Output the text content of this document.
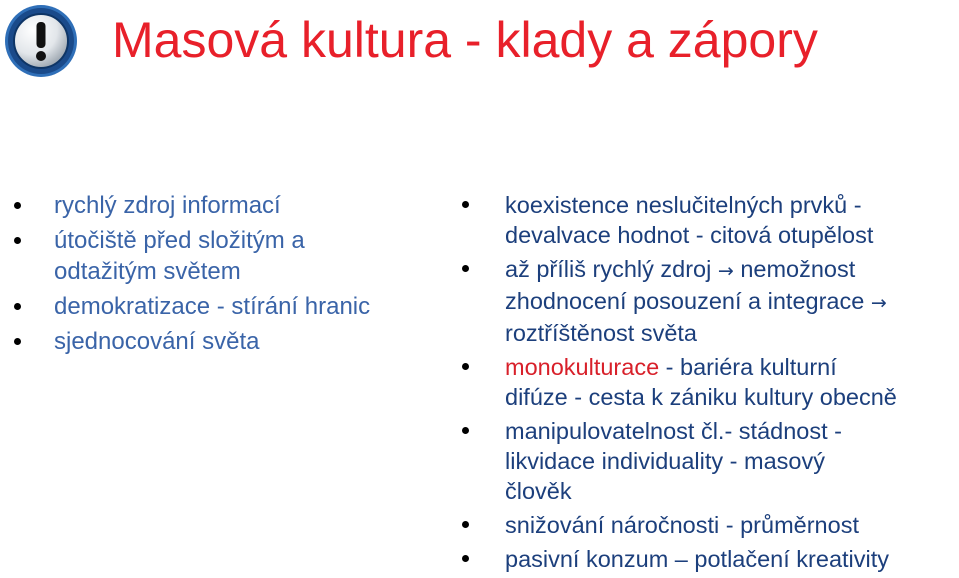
Masová kultura - klady a zápory
rychlý zdroj informací
útočiště před složitým a
odtažitým světem
demokratizace - stírání hranic
sjednocování světa
koexistence neslučitelných prvků -
devalvace hodnot - citová otupělost
až příliš rychlý zdroj → nemožnost
zhodnocení posouzení a integrace →
roztříštěnost světa
monokulturace - bariéra kulturní
difúze - cesta k zániku kultury obecně
manipulovatelnost čl.- stádnost -
likvidace individuality - masový
člověk
snižování náročnosti - průměrnost
pasivní konzum – potlačení kreativity
